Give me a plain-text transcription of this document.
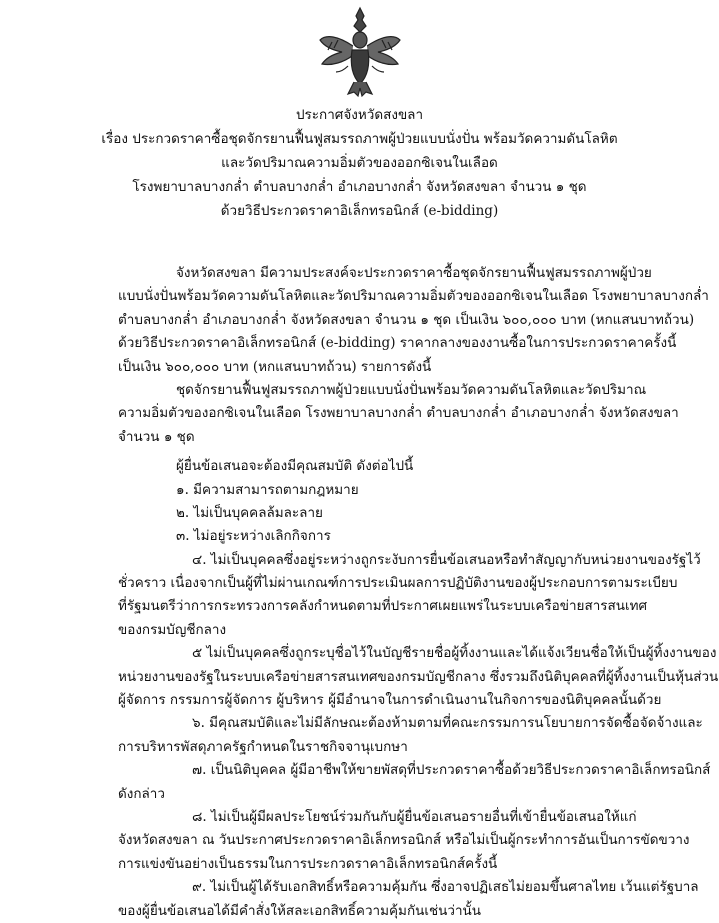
ประกาศจังหวัดสงขลา
เรื่อง ประกวดราคาซื้อชุดจักรยานฟื้นฟูสมรรถภาพผู้ป่วยแบบนั่งปั่น พร้อมวัดความดันโลหิต
และวัดปริมาณความอิ่มตัวของออกซิเจนในเลือด
โรงพยาบาลบางกล่ำ ตำบลบางกล่ำ อำเภอบางกล่ำ จังหวัดสงขลา จำนวน ๑ ชุด
ด้วยวิธีประกวดราคาอิเล็กทรอนิกส์ (e-bidding)
จังหวัดสงขลา มีความประสงค์จะประกวดราคาซื้อชุดจักรยานฟื้นฟูสมรรถภาพผู้ป่วย
แบบนั่งปั่นพร้อมวัดความดันโลหิตและวัดปริมาณความอิ่มตัวของออกซิเจนในเลือด โรงพยาบาลบางกล่ำ
ตำบลบางกล่ำ อำเภอบางกล่ำ จังหวัดสงขลา จำนวน ๑ ชุด เป็นเงิน ๖๐๐,๐๐๐ บาท (หกแสนบาทถ้วน)
ด้วยวิธีประกวดราคาอิเล็กทรอนิกส์ (e-bidding) ราคากลางของงานซื้อในการประกวดราคาครั้งนี้
เป็นเงิน ๖๐๐,๐๐๐ บาท (หกแสนบาทถ้วน) รายการดังนี้
ชุดจักรยานฟื้นฟูสมรรถภาพผู้ป่วยแบบนั่งปั่นพร้อมวัดความดันโลหิตและวัดปริมาณ
ความอิ่มตัวของอกซิเจนในเลือด โรงพยาบาลบางกล่ำ ตำบลบางกล่ำ อำเภอบางกล่ำ จังหวัดสงขลา
จำนวน ๑ ชุด
ผู้ยื่นข้อเสนอจะต้องมีคุณสมบัติ ดังต่อไปนี้
๑. มีความสามารถตามกฎหมาย
๒. ไม่เป็นบุคคลล้มละลาย
๓. ไม่อยู่ระหว่างเลิกกิจการ
๔. ไม่เป็นบุคคลซึ่งอยู่ระหว่างถูกระงับการยื่นข้อเสนอหรือทำสัญญากับหน่วยงานของรัฐไว้
ชั่วคราว เนื่องจากเป็นผู้ที่ไม่ผ่านเกณฑ์การประเมินผลการปฏิบัติงานของผู้ประกอบการตามระเบียบ
ที่รัฐมนตรีว่าการกระทรวงการคลังกำหนดตามที่ประกาศเผยแพร่ในระบบเครือข่ายสารสนเทศ
ของกรมบัญชีกลาง
๕ ไม่เป็นบุคคลซึ่งถูกระบุชื่อไว้ในบัญชีรายชื่อผู้ทิ้งงานและได้แจ้งเวียนชื่อให้เป็นผู้ทิ้งงานของ
หน่วยงานของรัฐในระบบเครือข่ายสารสนเทศของกรมบัญชีกลาง ซึ่งรวมถึงนิติบุคคลที่ผู้ทิ้งงานเป็นหุ้นส่วน
ผู้จัดการ กรรมการผู้จัดการ ผู้บริหาร ผู้มีอำนาจในการดำเนินงานในกิจการของนิติบุคคลนั้นด้วย
๖. มีคุณสมบัติและไม่มีลักษณะต้องห้ามตามที่คณะกรรมการนโยบายการจัดซื้อจัดจ้างและ
การบริหารพัสดุภาครัฐกำหนดในราชกิจจานุเบกษา
๗. เป็นนิติบุคคล ผู้มีอาชีพให้ขายพัสดุที่ประกวดราคาซื้อด้วยวิธีประกวดราคาอิเล็กทรอนิกส์
ดังกล่าว
๘. ไม่เป็นผู้มีผลประโยชน์ร่วมกันกับผู้ยื่นข้อเสนอรายอื่นที่เข้ายื่นข้อเสนอให้แก่
จังหวัดสงขลา ณ วันประกาศประกวดราคาอิเล็กทรอนิกส์ หรือไม่เป็นผู้กระทำการอันเป็นการขัดขวาง
การแข่งขันอย่างเป็นธรรมในการประกวดราคาอิเล็กทรอนิกส์ครั้งนี้
๙. ไม่เป็นผู้ได้รับเอกสิทธิ์หรือความคุ้มกัน ซึ่งอาจปฏิเสธไม่ยอมขึ้นศาลไทย เว้นแต่รัฐบาล
ของผู้ยื่นข้อเสนอได้มีคำสั่งให้สละเอกสิทธิ์ความคุ้มกันเช่นว่านั้น
